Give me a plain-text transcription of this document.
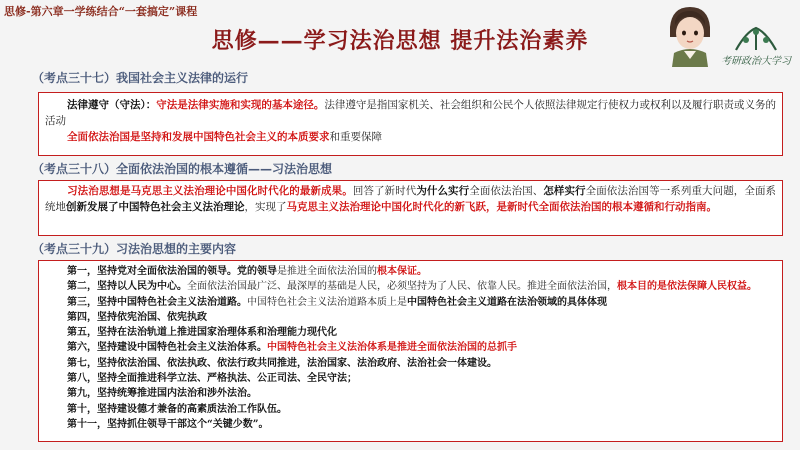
思修-第六章一学练结合“一套搞定”课程
思修——学习法治思想 提升法治素养
考研政治大学习
（考点三十七）我国社会主义法律的运行

法律遵守（守法）：守法是法律实施和实现的基本途径。法律遵守是指国家机关、社会组织和公民个人依照法律规定行使权力或权利以及履行职责或义务的活动

全面依法治国是坚持和发展中国特色社会主义的本质要求和重要保障

（考点三十八）全面依法治国的根本遵循——习法治思想

习法治思想是马克思主义法治理论中国化时代化的最新成果。回答了新时代为什么实行全面依法治国、怎样实行全面依法治国等一系列重大问题，全面系统地创新发展了中国特色社会主义法治理论，实现了马克思主义法治理论中国化时代化的新飞跃，是新时代全面依法治国的根本遵循和行动指南。

（考点三十九）习法治思想的主要内容

第一，坚持党对全面依法治国的领导。党的领导是推进全面依法治国的根本保证。

第二，坚持以人民为中心。全面依法治国最广泛、最深厚的基础是人民，必须坚持为了人民、依靠人民。推进全面依法治国，根本目的是依法保障人民权益。

第三，坚持中国特色社会主义法治道路。中国特色社会主义法治道路本质上是中国特色社会主义道路在法治领域的具体体现

第四，坚持依宪治国、依宪执政

第五，坚持在法治轨道上推进国家治理体系和治理能力现代化

第六，坚持建设中国特色社会主义法治体系。中国特色社会主义法治体系是推进全面依法治国的总抓手

第七，坚持依法治国、依法执政、依法行政共同推进，法治国家、法治政府、法治社会一体建设。

第八，坚持全面推进科学立法、严格执法、公正司法、全民守法；

第九，坚持统筹推进国内法治和涉外法治。

第十，坚持建设德才兼备的高素质法治工作队伍。

第十一，坚持抓住领导干部这个“关键少数”。
